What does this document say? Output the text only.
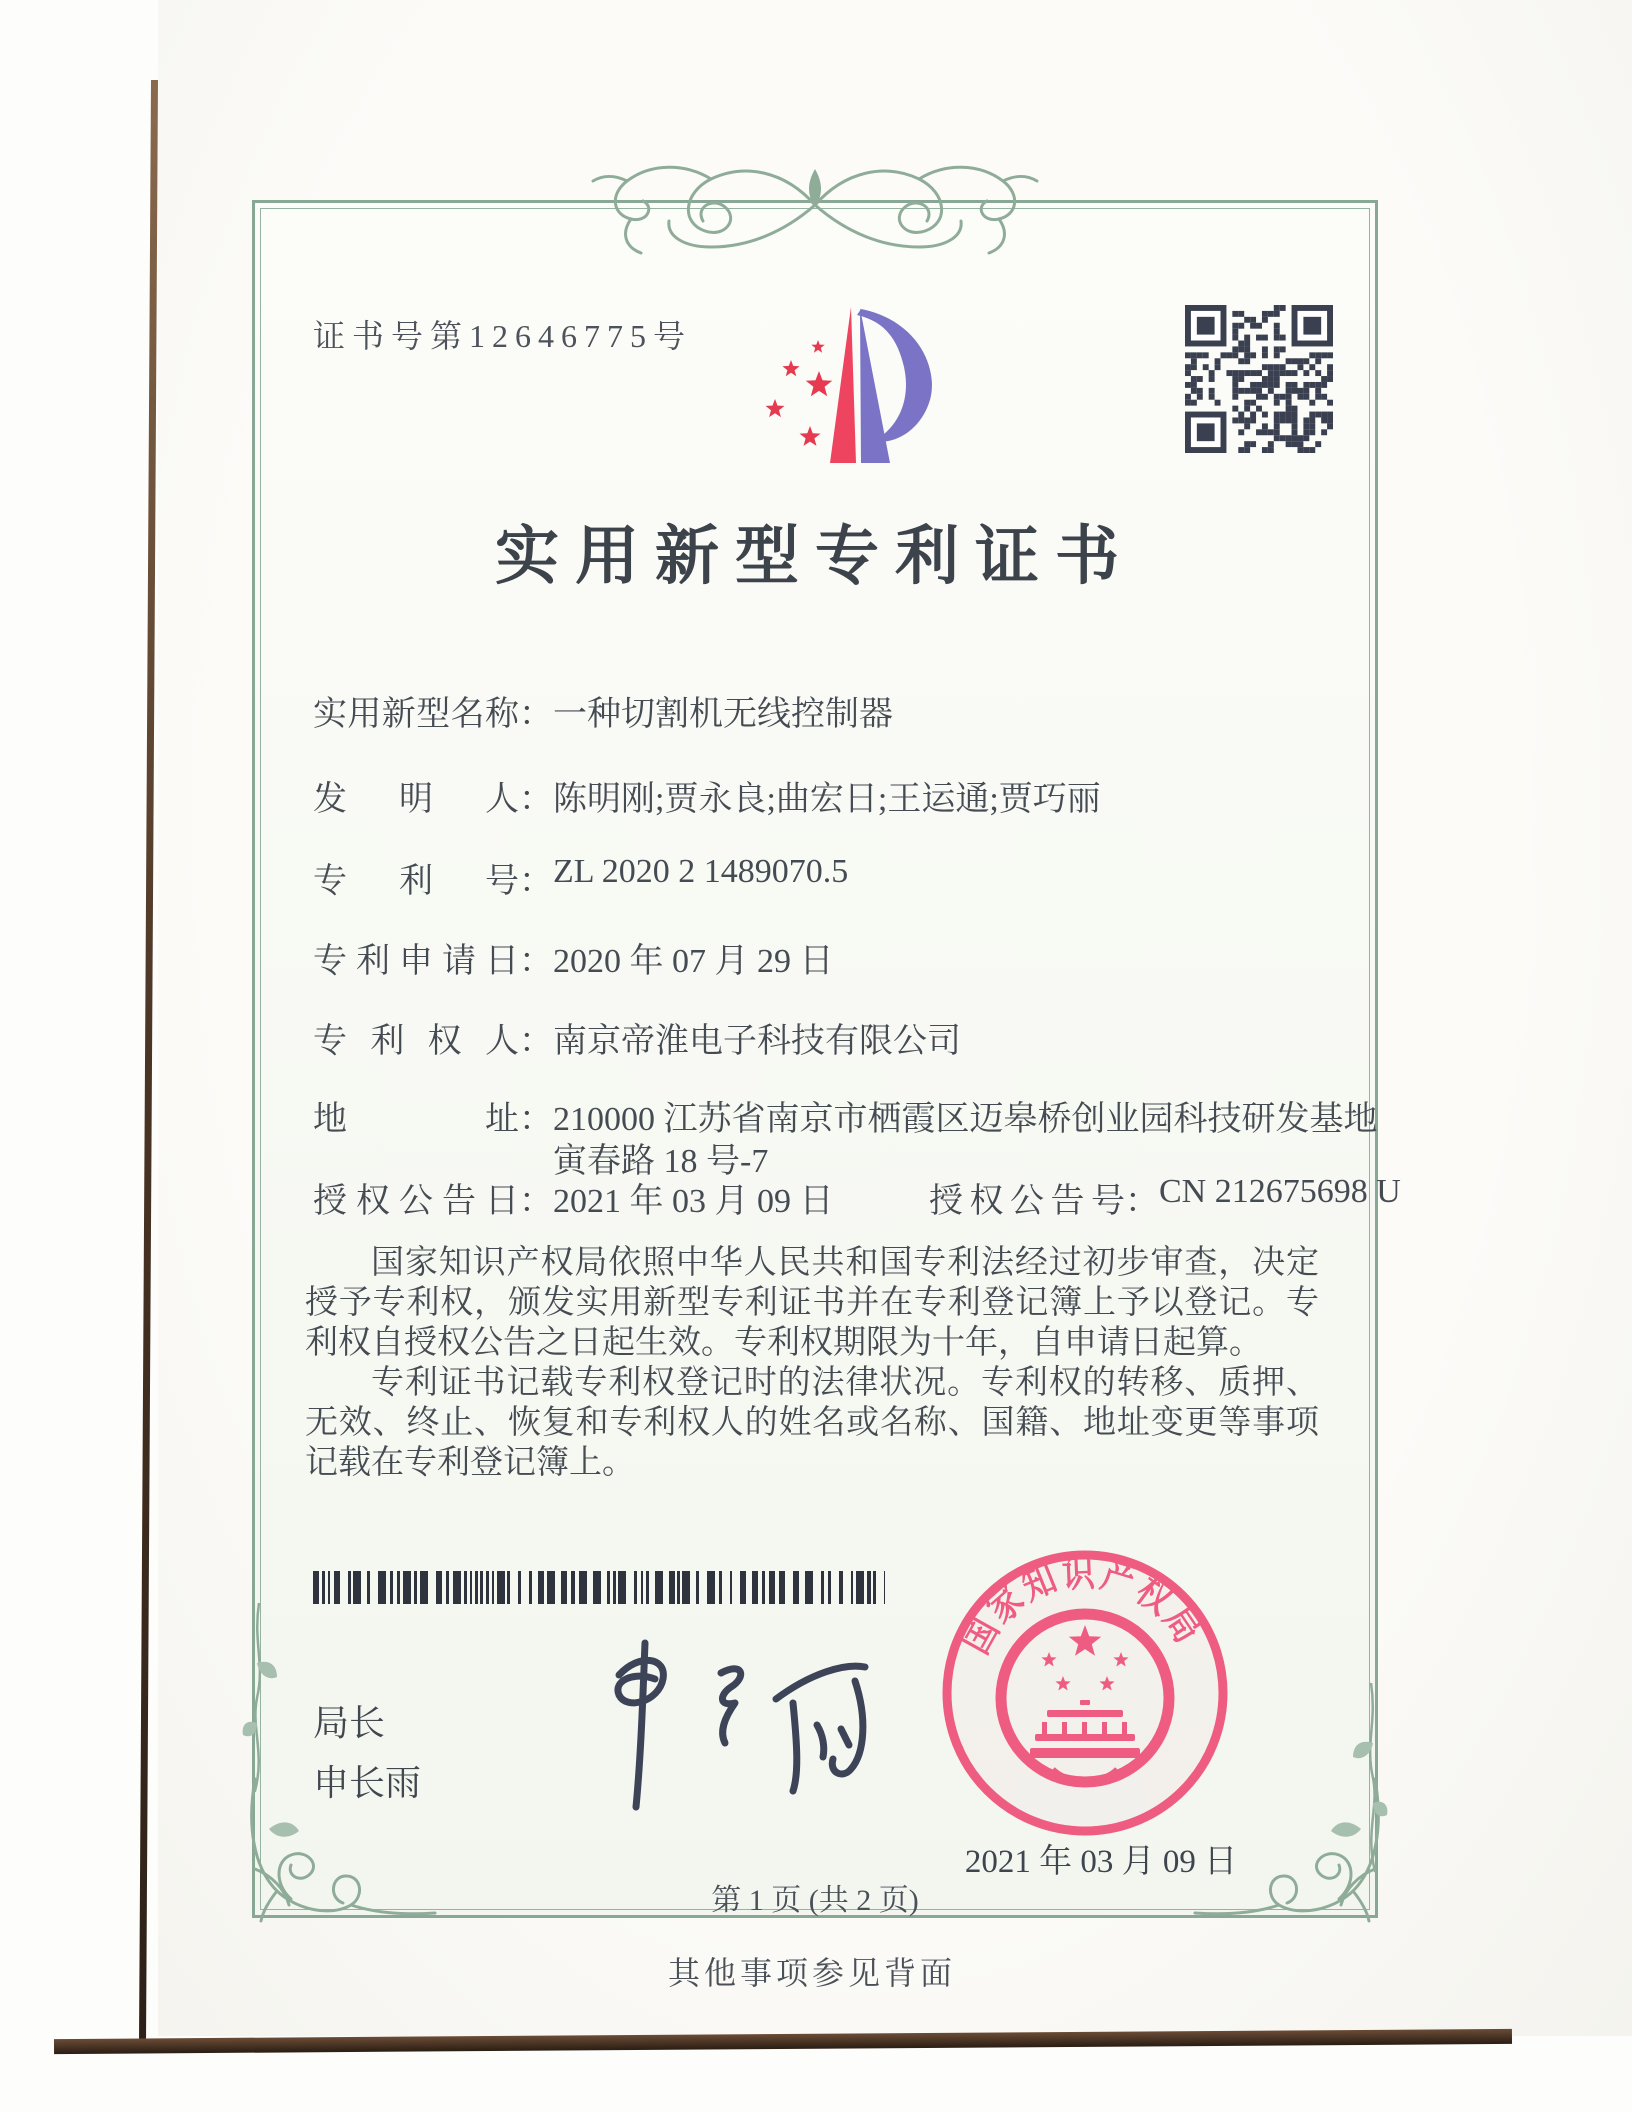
证书号第12646775号
实用新型专利证书
实用新型名称 ： 一种切割机无线控制器
发明人 ： 陈明刚;贾永良;曲宏日;王运通;贾巧丽
专利号 ： ZL 2020 2 1489070.5
专利申请日 ： 2020 年 07 月 29 日
专利权人 ： 南京帝淮电子科技有限公司
地址 ： 210000 江苏省南京市栖霞区迈皋桥创业园科技研发基地
寅春路 18 号-7
授权公告日 ： 2021 年 03 月 09 日	授权公告号 ： CN 212675698 U

国家知识产权局依照中华人民共和国专利法经过初步审查，决定授予专利权，颁发实用新型专利证书并在专利登记簿上予以登记。专利权自授权公告之日起生效。专利权期限为十年，自申请日起算。

专利证书记载专利权登记时的法律状况。专利权的转移、质押、无效、终止、恢复和专利权人的姓名或名称、国籍、地址变更等事项记载在专利登记簿上。

局长
申长雨
国家知识产权局
2021 年 03 月 09 日
第 1 页 (共 2 页)
其他事项参见背面
